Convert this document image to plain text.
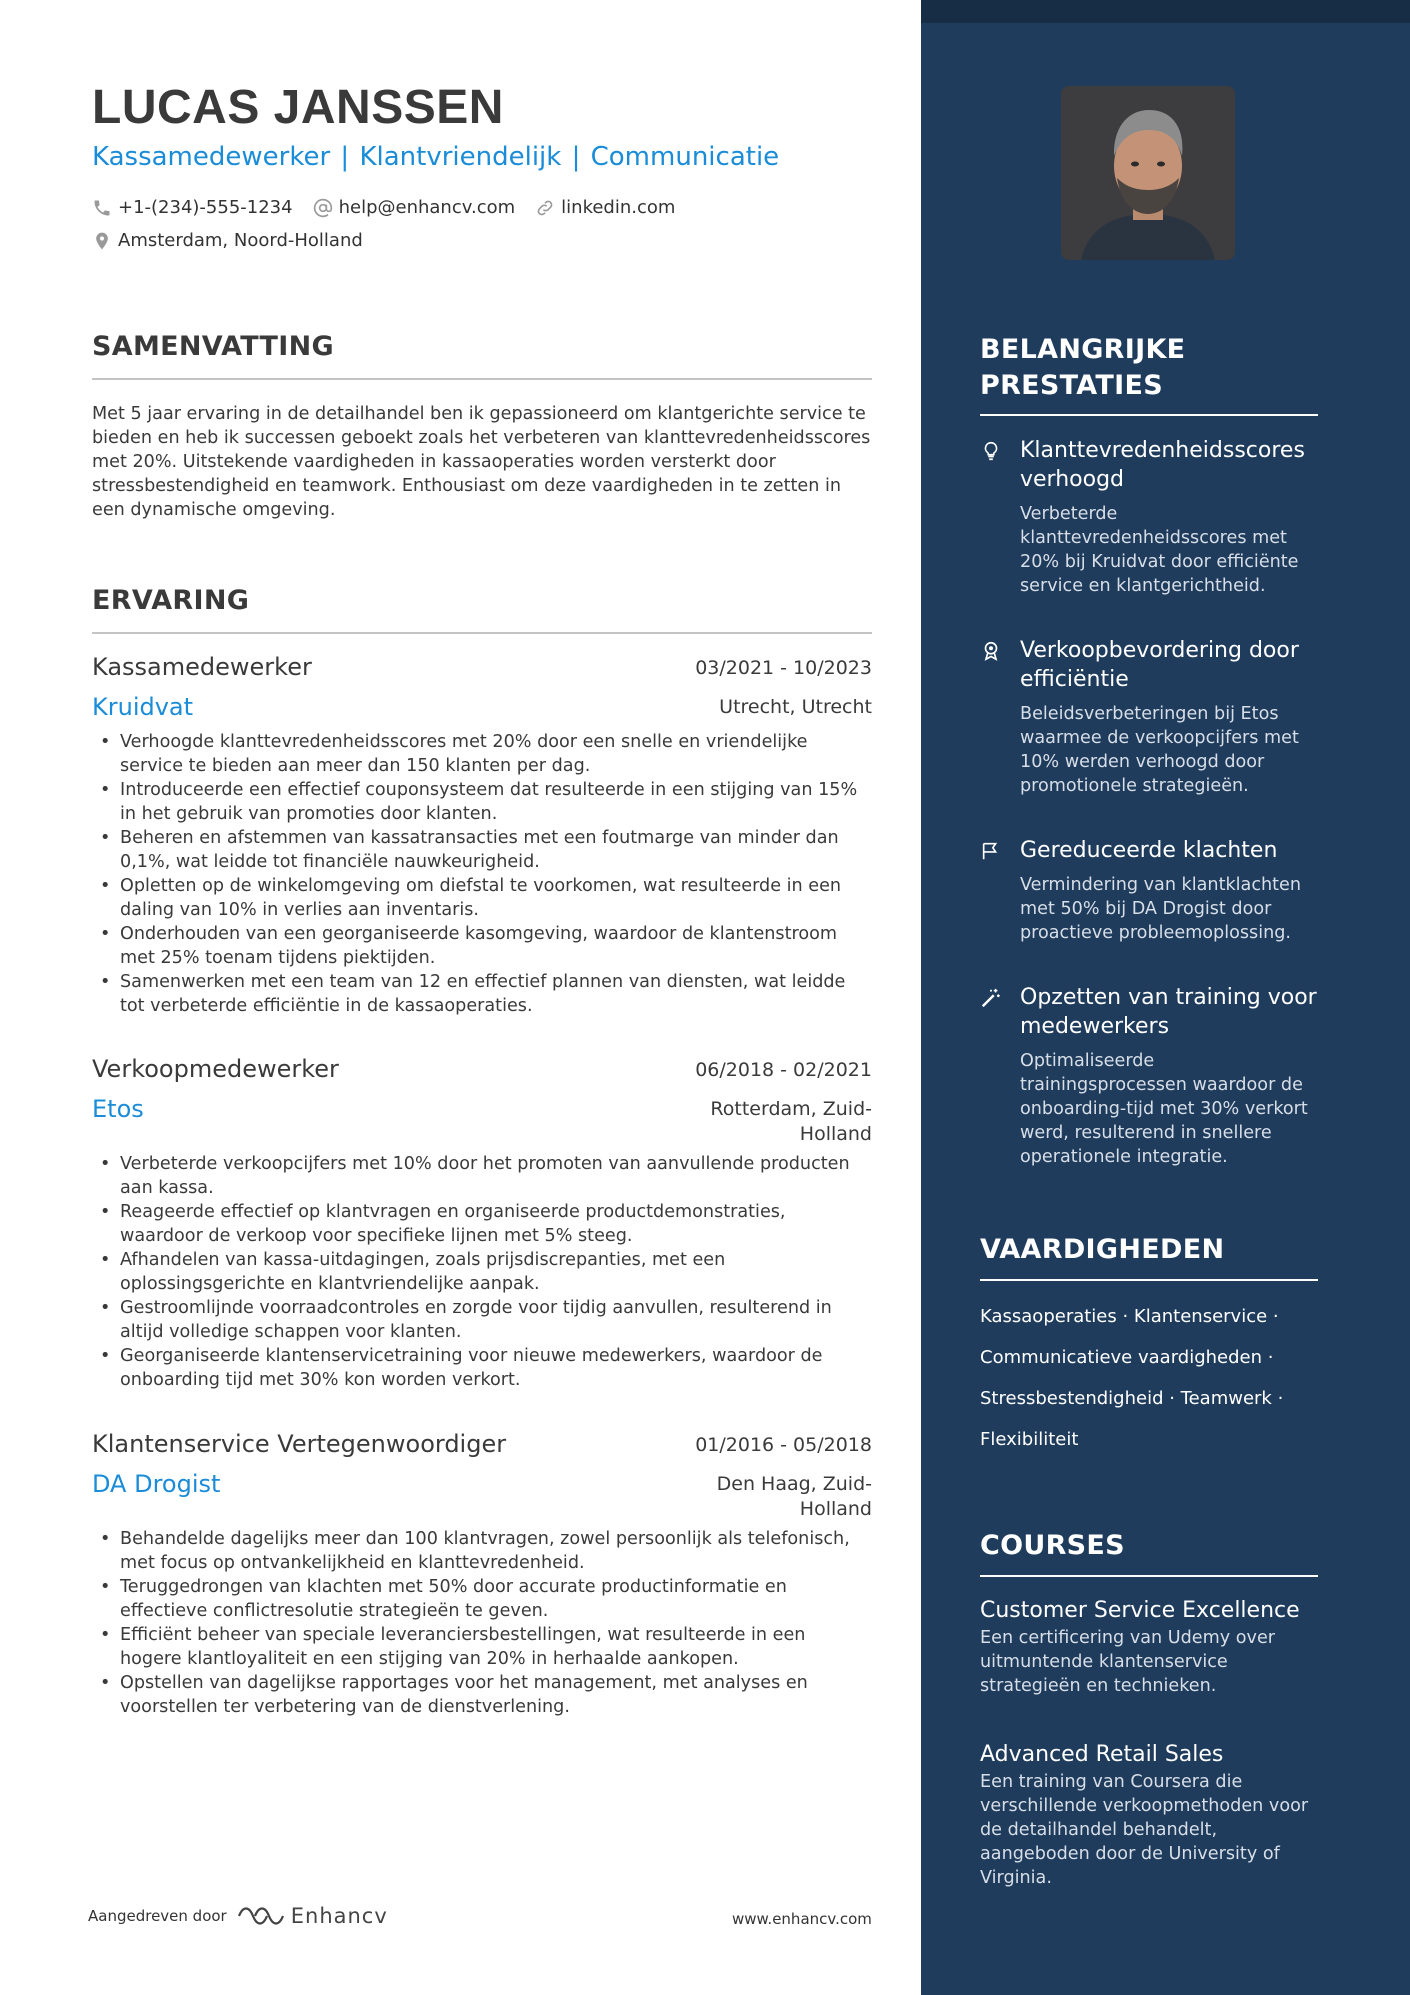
LUCAS JANSSEN
Kassamedewerker | Klantvriendelijk | Communicatie
+1-(234)-555-1234	help@enhancv.com	linkedin.com
Amsterdam, Noord-Holland
SAMENVATTING

Met 5 jaar ervaring in de detailhandel ben ik gepassioneerd om klantgerichte service te bieden en heb ik successen geboekt zoals het verbeteren van klanttevredenheidsscores met 20%. Uitstekende vaardigheden in kassaoperaties worden versterkt door stressbestendigheid en teamwork. Enthousiast om deze vaardigheden in te zetten in een dynamische omgeving.

ERVARING
Kassamedewerker	03/2021 - 10/2023
Kruidvat	Utrecht, Utrecht
• Verhoogde klanttevredenheidsscores met 20% door een snelle en vriendelijke service te bieden aan meer dan 150 klanten per dag.
• Introduceerde een effectief couponsysteem dat resulteerde in een stijging van 15% in het gebruik van promoties door klanten.
• Beheren en afstemmen van kassatransacties met een foutmarge van minder dan 0,1%, wat leidde tot financiële nauwkeurigheid.
• Opletten op de winkelomgeving om diefstal te voorkomen, wat resulteerde in een daling van 10% in verlies aan inventaris.
• Onderhouden van een georganiseerde kasomgeving, waardoor de klantenstroom met 25% toenam tijdens piektijden.
• Samenwerken met een team van 12 en effectief plannen van diensten, wat leidde tot verbeterde efficiëntie in de kassaoperaties.
Verkoopmedewerker	06/2018 - 02/2021
Etos	Rotterdam, Zuid-
Holland
• Verbeterde verkoopcijfers met 10% door het promoten van aanvullende producten aan kassa.
• Reageerde effectief op klantvragen en organiseerde productdemonstraties, waardoor de verkoop voor specifieke lijnen met 5% steeg.
• Afhandelen van kassa-uitdagingen, zoals prijsdiscrepanties, met een oplossingsgerichte en klantvriendelijke aanpak.
• Gestroomlijnde voorraadcontroles en zorgde voor tijdig aanvullen, resulterend in altijd volledige schappen voor klanten.
• Georganiseerde klantenservicetraining voor nieuwe medewerkers, waardoor de onboarding tijd met 30% kon worden verkort.
Klantenservice Vertegenwoordiger	01/2016 - 05/2018
DA Drogist	Den Haag, Zuid-
Holland
• Behandelde dagelijks meer dan 100 klantvragen, zowel persoonlijk als telefonisch, met focus op ontvankelijkheid en klanttevredenheid.
• Teruggedrongen van klachten met 50% door accurate productinformatie en effectieve conflictresolutie strategieën te geven.
• Efficiënt beheer van speciale leveranciersbestellingen, wat resulteerde in een hogere klantloyaliteit en een stijging van 20% in herhaalde aankopen.
• Opstellen van dagelijkse rapportages voor het management, met analyses en voorstellen ter verbetering van de dienstverlening.
BELANGRIJKE
PRESTATIES
Klanttevredenheidsscores verhoogd
Verbeterde klanttevredenheidsscores met 20% bij Kruidvat door efficiënte service en klantgerichtheid.
Verkoopbevordering door efficiëntie
Beleidsverbeteringen bij Etos waarmee de verkoopcijfers met 10% werden verhoogd door promotionele strategieën.
Gereduceerde klachten
Vermindering van klantklachten met 50% bij DA Drogist door proactieve probleemoplossing.
Opzetten van training voor medewerkers
Optimaliseerde trainingsprocessen waardoor de onboarding-tijd met 30% verkort werd, resulterend in snellere operationele integratie.
VAARDIGHEDEN

Kassaoperaties · Klantenservice ·

Communicatieve vaardigheden ·

Stressbestendigheid · Teamwerk ·

Flexibiliteit

COURSES
Customer Service Excellence
Een certificering van Udemy over uitmuntende klantenservice strategieën en technieken.
Advanced Retail Sales
Een training van Coursera die verschillende verkoopmethoden voor de detailhandel behandelt, aangeboden door de University of Virginia.
Aangedreven door	Enhancv	www.enhancv.com
